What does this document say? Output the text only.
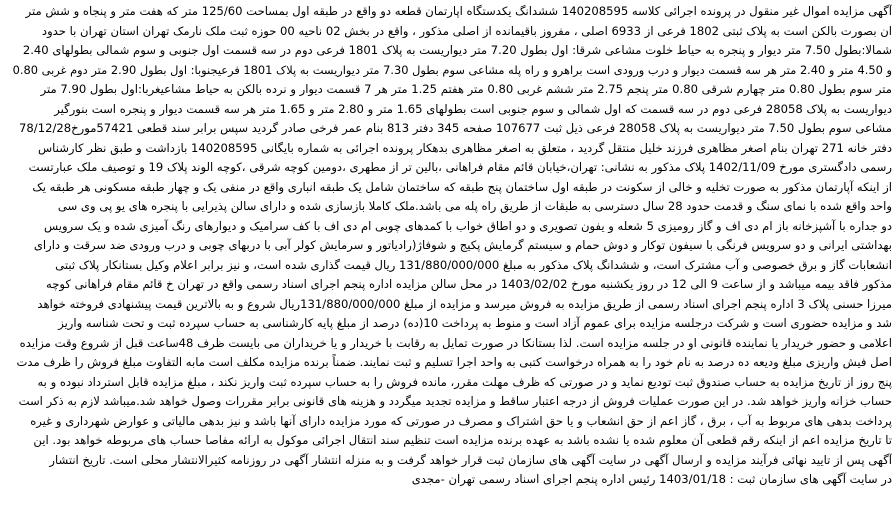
آگهی مزایده اموال غیر منقول در پرونده اجرائی کلاسه 140208595 ششدانگ یکدستگاه اپارتمان قطعه دو واقع در طبقه اول بمساحت 125/60 متر که هفت متر و پنجاه و شش متر
ان بصورت بالکن است به پلاک ثبتی 1802 فرعی از 6933 اصلی ، مفروز باقیمانده از اصلی مذکور ، واقع در بخش 02 ناحیه 00 حوزه ثبت ملک نارمک تهران استان تهران با حدود
شمالا:بطول 7.50 متر دیوار و پنجره به حیاط خلوت مشاعی شرقا: اول بطول 7.20 متر دیواریست به پلاک 1801 فرعی دوم در سه قسمت اول جنوبی و سوم شمالی بطولهای 2.40
و 4.50 متر و 2.40 متر هر سه قسمت دیوار و درب ورودی است براهرو و راه پله مشاعی سوم بطول 7.30 متر دیواریست به پلاک 1801 فرعیجنوبا: اول بطول 2.90 متر دوم غربی 0.80
متر سوم بطول 0.80 متر چهارم شرقی 0.80 متر پنجم 2.75 متر ششم غربی 0.80 متر هفتم 1.25 متر هر 7 قسمت دیوار و نرده بالکن به حیاط مشاعیغربا:اول بطول 7.90 متر
دیواریست به پلاک 28058 فرعی دوم در سه قسمت که اول شمالی و سوم جنوبی است بطولهای 1.65 متر و 2.80 متر و 1.65 متر هر سه قسمت دیوار و پنجره است بنورگیر
مشاعی سوم بطول 7.50 متر دیواریست به پلاک 28058 فرعی ذیل ثبت 107677 صفحه 345 دفتر 813 بنام عمر فرخی صادر گردید سپس برابر سند قطعی 57421مورخ78/12/28
دفتر خانه 271 تهران بنام اصغر مظاهری فرزند خلیل منتقل گردید ، متعلق به اصغر مظاهری بدهکار پرونده اجرائی به شماره بایگانی 140208595 بازداشت و طبق نظر کارشناس
رسمی دادگستری مورخ 1402/11/09 پلاک مذکور به نشانی: تهران،خیابان قائم مقام فراهانی ،بالین تر از مطهری ،دومین کوچه شرقی ،کوچه الوند پلاک 19 و توصیف ملک عبارتست
از اینکه آپارتمان مذکور به صورت تخلیه و خالی از سکونت در طبقه اول ساختمان پنج طبقه که ساختمان شامل یک طبقه انباری واقع در منفی یک و چهار طبقه مسکونی هر طبقه یک
واحد واقع شده با نمای سنگ و قدمت حدود 28 سال دسترسی به طبقات از طریق راه پله می باشد.ملک کاملا بازسازی شده و دارای سالن پذیرایی با پنجره های یو پی وی سی
دو جداره با آشپزخانه باز ام دی اف و گاز رومیزی 5 شعله و یفون تصویری و دو اطاق خواب با کمدهای چوبی ام دی اف با کف سرامیک و دیوارهای رنگ آمیزی شده و یک سرویس
بهداشتی ایرانی و دو سرویس فرنگی با سیفون توکار و دوش حمام و سیستم گرمایش پکیج و شوفاژ(رادیاتور و سرمایش کولر آبی با دربهای چوبی و درب ورودی ضد سرقت و دارای
انشعابات گاز و برق خصوصی و آب مشترک است، و ششدانگ پلاک مذکور به مبلغ 131/880/000/000 ریال قیمت گذاری شده است، و نیز برابر اعلام وکیل بستانکار پلاک ثبتی
مذکور فاقد بیمه میباشد و از ساعت 9 الی 12 در روز یکشنبه مورخ 1403/02/02 در محل سالن مزایده اداره پنجم اجرای اسناد رسمی واقع در تهران خ قائم مقام فراهانی کوچه
میرزا حسنی پلاک 3 اداره پنجم اجرای اسناد رسمی از طریق مزایده به فروش میرسد و مزایده از مبلغ 131/880/000/000ریال شروع و به بالاترین قیمت پیشنهادی فروخته خواهد
شد و مزایده حضوری است و شرکت درجلسه مزایده برای عموم آزاد است و منوط به پرداخت 10(ده) درصد از مبلغ پایه کارشناسی به حساب سپرده ثبت و تحت شناسه واریز
اعلامی و حضور خریدار یا نماینده قانونی او در جلسه مزایده است. لذا بستانکا در صورت تمایل به رقابت با خریدار و یا خریداران می بایست ظرف 48ساعت قبل از شروع وقت مزایده
اصل فیش واریزی مبلغ ودیعه ده درصد به نام خود را به همراه درخواست کتبی به واحد اجرا تسلیم و ثبت نمایند. ضمناً برنده مزایده مکلف است مابه التفاوت مبلغ فروش را ظرف مدت
پنج روز از تاریخ مزایده به حساب صندوق ثبت تودیع نماید و در صورتی که ظرف مهلت مقرر، مانده فروش را به حساب سپرده ثبت واریز نکند ، مبلغ مزایده قابل استرداد نبوده و به
حساب خزانه واریز خواهد شد. در این صورت عملیات فروش از درجه اعتبار ساقط و مزایده تجدید میگردد و هزینه های قانونی برابر مقررات وصول خواهد شد.میباشد لازم به ذکر است
پرداخت بدهی های مربوط به آب ، برق ، گاز اعم از حق انشعاب و یا حق اشتراک و مصرف در صورتی که مورد مزایده دارای آنها باشد و نیز بدهی مالیاتی و عوارض شهرداری و غیره
تا تاریخ مزایده اعم از اینکه رقم قطعی آن معلوم شده یا نشده باشد به عهده برنده مزایده است تنظیم سند انتقال اجرائی موکول به ارائه مفاصا حساب های مربوطه خواهد بود. این
آگهی پس از تایید نهائی فرآیند مزایده و ارسال آگهی در سایت آگهی های سازمان ثبت قرار خواهد گرفت و به منزله انتشار آگهی در روزنامه کثیرالانتشار محلی است. تاریخ انتشار
در سایت آگهی های سازمان ثبت : 1403/01/18 رئیس اداره پنجم اجرای اسناد رسمی تهران -مجدی
